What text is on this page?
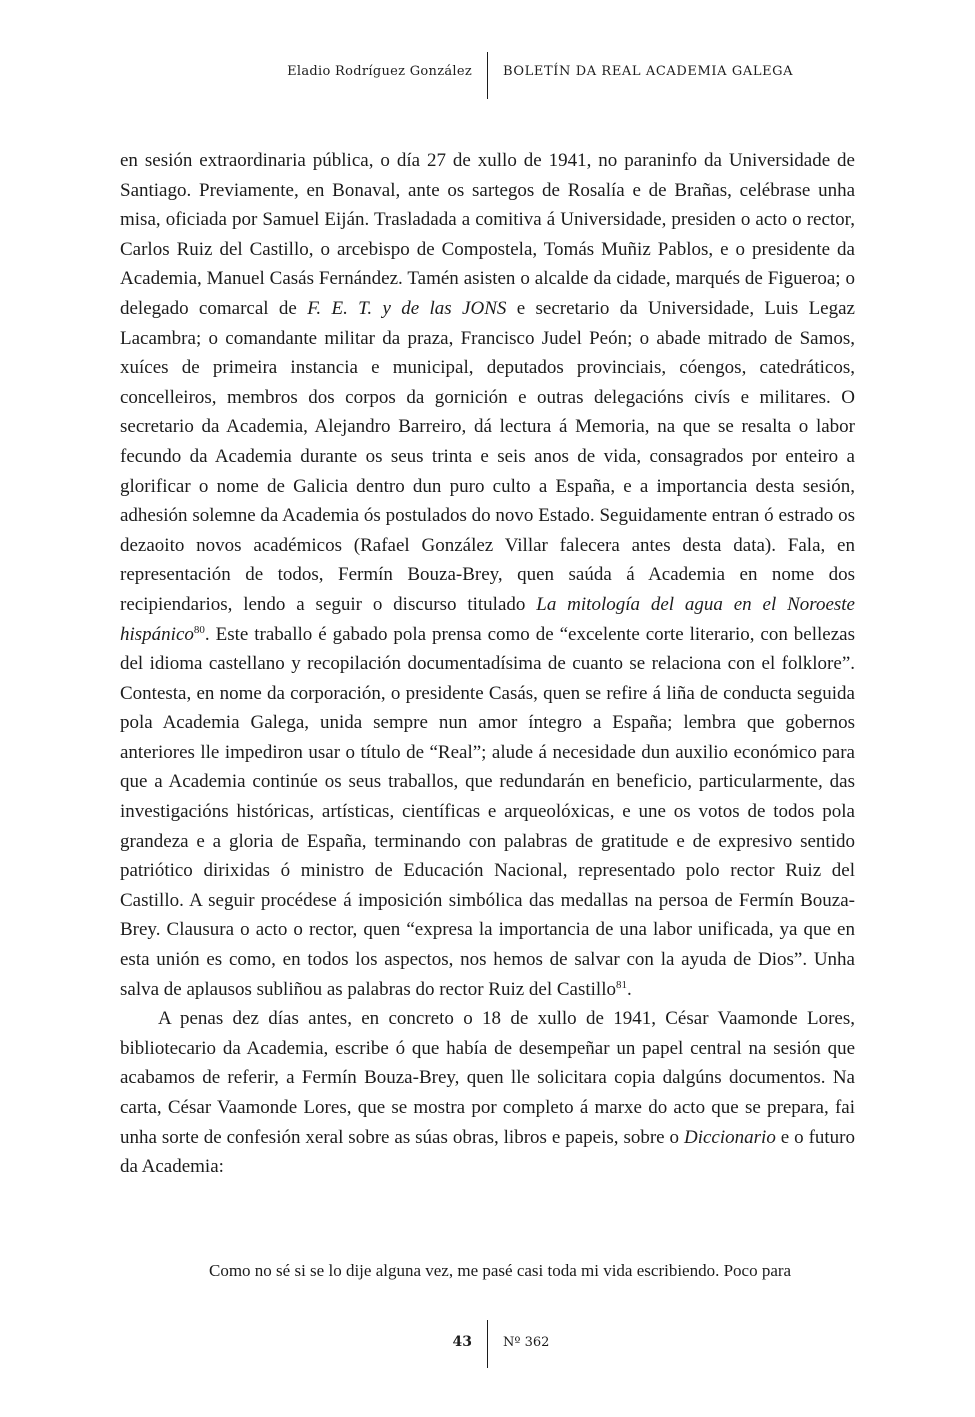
Eladio Rodríguez González BOLETÍN DA REAL ACADEMIA GALEGA

en sesión extraordinaria pública, o día 27 de xullo de 1941, no paraninfo da Universidade de Santiago. Previamente, en Bonaval, ante os sartegos de Rosalía e de Brañas, celébrase unha misa, oficiada por Samuel Eiján. Trasladada a comitiva á Universidade, presiden o acto o rector, Carlos Ruiz del Castillo, o arcebispo de Compostela, Tomás Muñiz Pablos, e o presidente da Academia, Manuel Casás Fernández. Tamén asisten o alcalde da cidade, marqués de Figueroa; o delegado comarcal de F. E. T. y de las JONS e secretario da Universidade, Luis Legaz Lacambra; o comandante militar da praza, Francisco Judel Peón; o abade mitrado de Samos, xuíces de primeira instancia e municipal, deputados provinciais, cóengos, catedráticos, concelleiros, membros dos corpos da gornición e outras delegacións civís e militares. O secretario da Academia, Alejandro Barreiro, dá lectura á Memoria, na que se resalta o labor fecundo da Academia durante os seus trinta e seis anos de vida, consagrados por enteiro a glorificar o nome de Galicia dentro dun puro culto a España, e a importancia desta sesión, adhesión solemne da Academia ós postulados do novo Estado. Seguidamente entran ó estrado os dezaoito novos académicos (Rafael González Villar falecera antes desta data). Fala, en representación de todos, Fermín Bouza-Brey, quen saúda á Academia en nome dos recipiendarios, lendo a seguir o discurso titulado La mitología del agua en el Noroeste hispánico$^{80}$. Este traballo é gabado pola prensa como de “excelente corte literario, con bellezas del idioma castellano y recopilación documentadísima de cuanto se relaciona con el folklore”. Contesta, en nome da corporación, o presidente Casás, quen se refire á liña de conducta seguida pola Academia Galega, unida sempre nun amor íntegro a España; lembra que gobernos anteriores lle impediron usar o título de “Real”; alude á necesidade dun auxilio económico para que a Academia continúe os seus traballos, que redundarán en beneficio, particularmente, das investigacións históricas, artísticas, científicas e arqueolóxicas, e une os votos de todos pola grandeza e a gloria de España, terminando con palabras de gratitude e de expresivo sentido patriótico dirixidas ó ministro de Educación Nacional, representado polo rector Ruiz del Castillo. A seguir procédese á imposición simbólica das medallas na persoa de Fermín Bouza-Brey. Clausura o acto o rector, quen “expresa la importancia de una labor unificada, ya que en esta unión es como, en todos los aspectos, nos hemos de salvar con la ayuda de Dios”. Unha salva de aplausos subliñou as palabras do rector Ruiz del Castillo$^{81}$.

A penas dez días antes, en concreto o 18 de xullo de 1941, César Vaamonde Lores, bibliotecario da Academia, escribe ó que había de desempeñar un papel central na sesión que acabamos de referir, a Fermín Bouza-Brey, quen lle solicitara copia dalgúns documentos. Na carta, César Vaamonde Lores, que se mostra por completo á marxe do acto que se prepara, fai unha sorte de confesión xeral sobre as súas obras, libros e papeis, sobre o Diccionario e o futuro da Academia:

Como no sé si se lo dije alguna vez, me pasé casi toda mi vida escribiendo. Poco para
43 Nº 362
